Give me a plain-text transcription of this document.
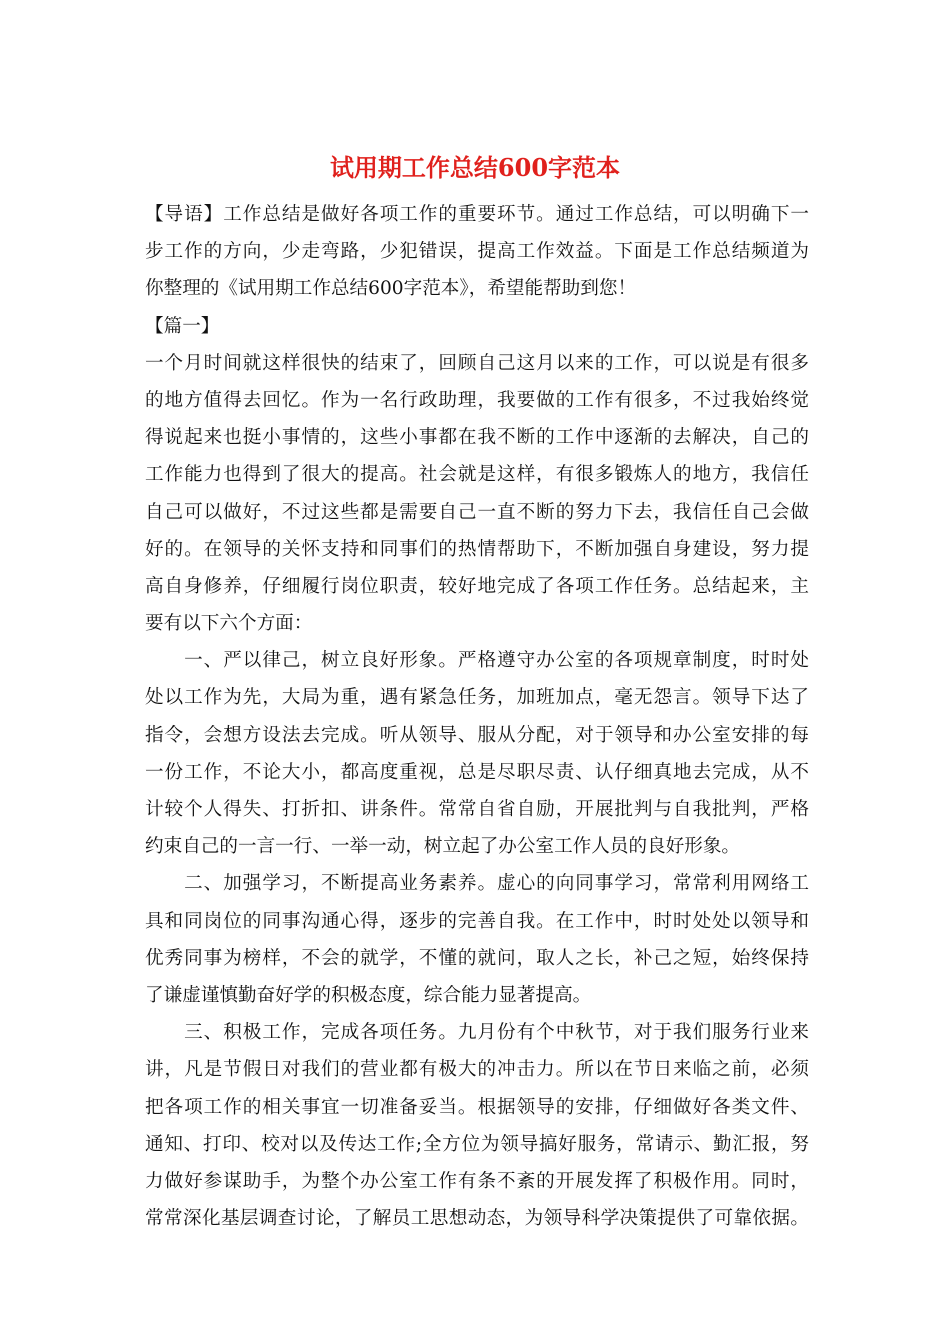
试用期工作总结600字范本

【导语】工作总结是做好各项工作的重要环节。通过工作总结，可以明确下一

步工作的方向，少走弯路，少犯错误，提高工作效益。下面是工作总结频道为

你整理的《试用期工作总结600字范本》，希望能帮助到您！

【篇一】

一个月时间就这样很快的结束了，回顾自己这月以来的工作，可以说是有很多

的地方值得去回忆。作为一名行政助理，我要做的工作有很多，不过我始终觉

得说起来也挺小事情的，这些小事都在我不断的工作中逐渐的去解决，自己的

工作能力也得到了很大的提高。社会就是这样，有很多锻炼人的地方，我信任

自己可以做好，不过这些都是需要自己一直不断的努力下去，我信任自己会做

好的。在领导的关怀支持和同事们的热情帮助下，不断加强自身建设，努力提

高自身修养，仔细履行岗位职责，较好地完成了各项工作任务。总结起来，主

要有以下六个方面：

　　一、严以律己，树立良好形象。严格遵守办公室的各项规章制度，时时处

处以工作为先，大局为重，遇有紧急任务，加班加点，毫无怨言。领导下达了

指令，会想方设法去完成。听从领导、服从分配，对于领导和办公室安排的每

一份工作，不论大小，都高度重视，总是尽职尽责、认仔细真地去完成，从不

计较个人得失、打折扣、讲条件。常常自省自励，开展批判与自我批判，严格

约束自己的一言一行、一举一动，树立起了办公室工作人员的良好形象。

　　二、加强学习，不断提高业务素养。虚心的向同事学习，常常利用网络工

具和同岗位的同事沟通心得，逐步的完善自我。在工作中，时时处处以领导和

优秀同事为榜样，不会的就学，不懂的就问，取人之长，补己之短，始终保持

了谦虚谨慎勤奋好学的积极态度，综合能力显著提高。

　　三、积极工作，完成各项任务。九月份有个中秋节，对于我们服务行业来

讲，凡是节假日对我们的营业都有极大的冲击力。所以在节日来临之前，必须

把各项工作的相关事宜一切准备妥当。根据领导的安排，仔细做好各类文件、

通知、打印、校对以及传达工作;全方位为领导搞好服务，常请示、勤汇报，努

力做好参谋助手，为整个办公室工作有条不紊的开展发挥了积极作用。同时，

常常深化基层调查讨论，了解员工思想动态，为领导科学决策提供了可靠依据。
